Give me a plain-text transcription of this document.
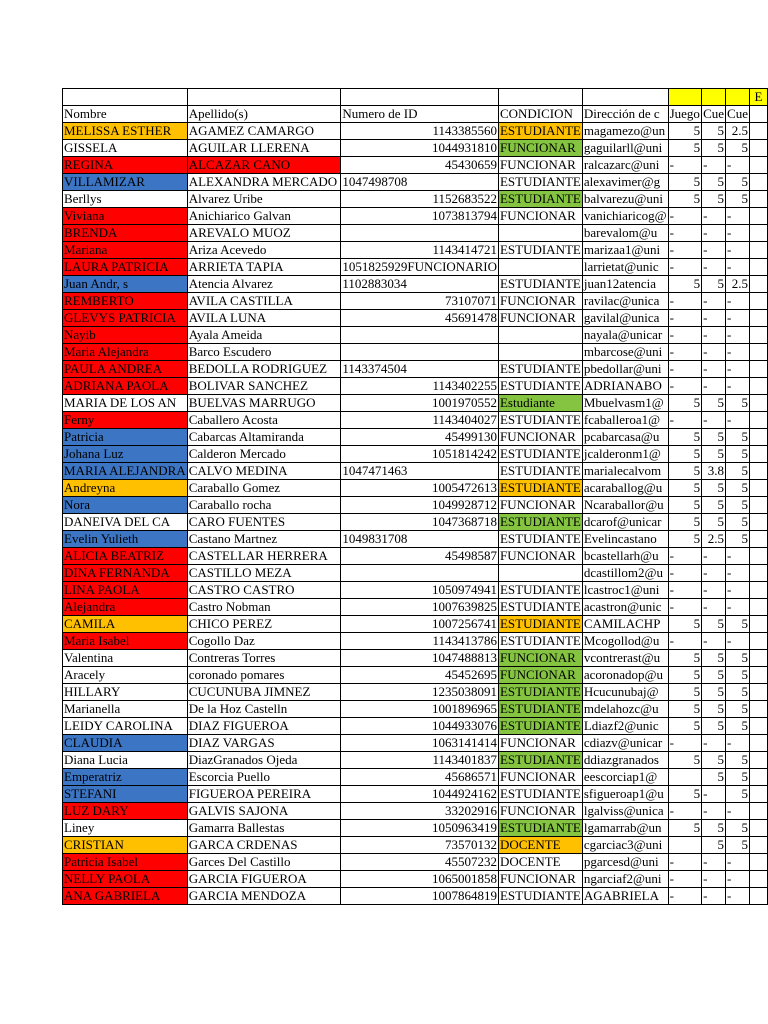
								E
Nombre	Apellido(s)	Numero de ID	CONDICION	Dirección de c	Juego	Cue	Cue	
MELISSA ESTHER	AGAMEZ CAMARGO	1143385560	ESTUDIANTE	magamezo@un	5	5	2.5	
GISSELA	AGUILAR LLERENA	1044931810	FUNCIONAR	gaguilarll@uni	5	5	5	
REGINA	ALCAZAR CANO	45430659	FUNCIONAR	ralcazarc@uni	-	-	-	
VILLAMIZAR	ALEXANDRA MERCADO	1047498708	ESTUDIANTE	alexavimer@g	5	5	5	
Berllys	Alvarez Uribe	1152683522	ESTUDIANTE	balvarezu@uni	5	5	5	
Viviana	Anichiarico Galvan	1073813794	FUNCIONAR	vanichiaricog@	-	-	-	
BRENDA	AREVALO MUOZ			barevalom@u	-	-	-	
Mariana	Ariza Acevedo	1143414721	ESTUDIANTE	marizaa1@uni	-	-	-	
LAURA PATRICIA	ARRIETA TAPIA	1051825929FUNCIONARIO		larrietat@unic	-	-	-	
Juan Andr, s	Atencia Alvarez	1102883034	ESTUDIANTE	juan12atencia	5	5	2.5	
REMBERTO	AVILA CASTILLA	73107071	FUNCIONAR	ravilac@unica	-	-	-	
GLEVYS PATRICIA	AVILA LUNA	45691478	FUNCIONAR	gavilal@unica	-	-	-	
Nayib	Ayala Ameida			nayala@unicar	-	-	-	
Maria Alejandra	Barco Escudero			mbarcose@uni	-	-	-	
PAULA ANDREA	BEDOLLA RODRIGUEZ	1143374504	ESTUDIANTE	pbedollar@uni	-	-	-	
ADRIANA PAOLA	BOLIVAR SANCHEZ	1143402255	ESTUDIANTE	ADRIANABO	-	-	-	
MARIA DE LOS AN	BUELVAS MARRUGO	1001970552	Estudiante	Mbuelvasm1@	5	5	5	
Ferny	Caballero Acosta	1143404027	ESTUDIANTE	fcaballeroa1@	-	-	-	
Patricia	Cabarcas Altamiranda	45499130	FUNCIONAR	pcabarcasa@u	5	5	5	
Johana Luz	Calderon Mercado	1051814242	ESTUDIANTE	jcalderonm1@	5	5	5	
MARIA ALEJANDRA	CALVO MEDINA	1047471463	ESTUDIANTE	marialecalvom	5	3.8	5	
Andreyna	Caraballo Gomez	1005472613	ESTUDIANTE	acaraballog@u	5	5	5	
Nora	Caraballo rocha	1049928712	FUNCIONAR	Ncaraballor@u	5	5	5	
DANEIVA DEL CA	CARO FUENTES	1047368718	ESTUDIANTE	dcarof@unicar	5	5	5	
Evelin Yulieth	Castano Martnez	1049831708	ESTUDIANTE	Evelincastano	5	2.5	5	
ALICIA BEATRIZ	CASTELLAR HERRERA	45498587	FUNCIONAR	bcastellarh@u	-	-	-	
DINA FERNANDA	CASTILLO MEZA			dcastillom2@u	-	-	-	
LINA PAOLA	CASTRO CASTRO	1050974941	ESTUDIANTE	lcastroc1@uni	-	-	-	
Alejandra	Castro Nobman	1007639825	ESTUDIANTE	acastron@unic	-	-	-	
CAMILA	CHICO PEREZ	1007256741	ESTUDIANTE	CAMILACHP	5	5	5	
Maria Isabel	Cogollo Daz	1143413786	ESTUDIANTE	Mcogollod@u	-	-	-	
Valentina	Contreras Torres	1047488813	FUNCIONAR	vcontrerast@u	5	5	5	
Aracely	coronado pomares	45452695	FUNCIONAR	acoronadop@u	5	5	5	
HILLARY	CUCUNUBA JIMNEZ	1235038091	ESTUDIANTE	Hcucunubaj@	5	5	5	
Marianella	De la Hoz Castelln	1001896965	ESTUDIANTE	mdelahozc@u	5	5	5	
LEIDY CAROLINA	DIAZ FIGUEROA	1044933076	ESTUDIANTE	Ldiazf2@unic	5	5	5	
CLAUDIA	DIAZ VARGAS	1063141414	FUNCIONAR	cdiazv@unicar	-	-	-	
Diana Lucia	DiazGranados Ojeda	1143401837	ESTUDIANTE	ddiazgranados	5	5	5	
Emperatriz	Escorcia Puello	45686571	FUNCIONAR	eescorciap1@		5	5	
STEFANI	FIGUEROA PEREIRA	1044924162	ESTUDIANTE	sfigueroap1@u	5	-	5	
LUZ DARY	GALVIS SAJONA	33202916	FUNCIONAR	lgalviss@unica	-	-	-	
Liney	Gamarra Ballestas	1050963419	ESTUDIANTE	lgamarrab@un	5	5	5	
CRISTIAN	GARCA CRDENAS	73570132	DOCENTE	cgarciac3@uni		5	5	
Patricia Isabel	Garces Del Castillo	45507232	DOCENTE	pgarcesd@uni	-	-	-	
NELLY PAOLA	GARCIA FIGUEROA	1065001858	FUNCIONAR	ngarciaf2@uni	-	-	-	
ANA GABRIELA	GARCIA MENDOZA	1007864819	ESTUDIANTE	AGABRIELA	-	-	-	
